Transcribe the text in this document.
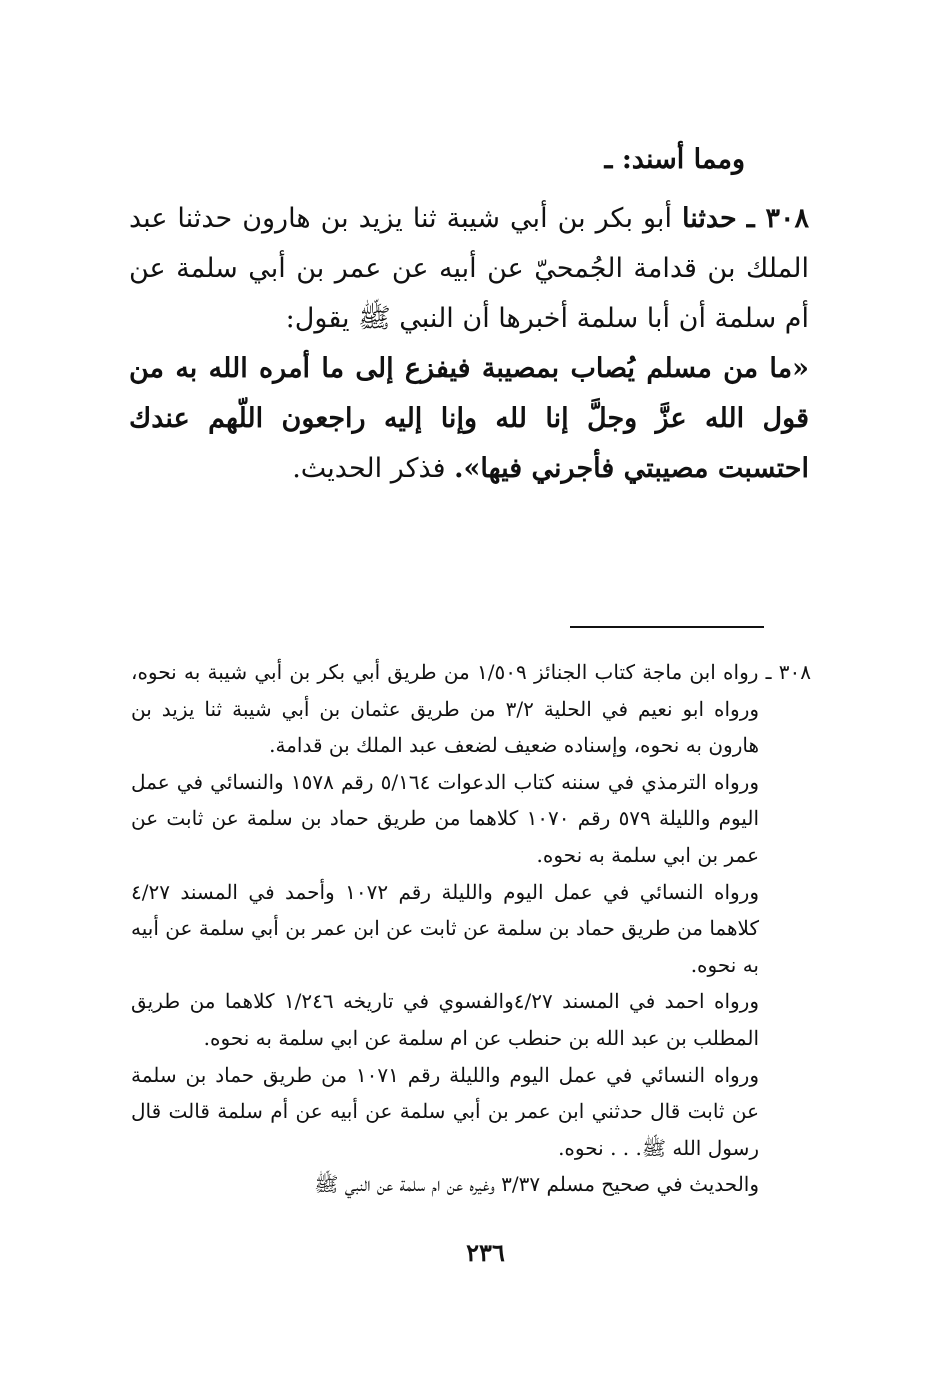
ومما أسند: ـ

٣٠٨ ـ حدثنا أبو بكر بن أبي شيبة ثنا يزيد بن هارون حدثنا عبد الملك بن قدامة الجُمحيّ عن أبيه عن عمر بن أبي سلمة عن أم سلمة أن أبا سلمة أخبرها أن النبي ﷺ يقول:

«ما من مسلم يُصاب بمصيبة فيفزع إلى ما أمره الله به من قول الله عزَّ وجلَّ إنا لله وإنا إليه راجعون اللّهم عندك احتسبت مصيبتي فأجرني فيها». فذكر الحديث.

٣٠٨ ـ رواه ابن ماجة كتاب الجنائز ١/٥٠٩ من طريق أبي بكر بن أبي شيبة به نحوه، ورواه ابو نعيم في الحلية ٣/٢ من طريق عثمان بن أبي شيبة ثنا يزيد بن هارون به نحوه، وإسناده ضعيف لضعف عبد الملك بن قدامة.

ورواه الترمذي في سننه كتاب الدعوات ٥/١٦٤ رقم ١٥٧٨ والنسائي في عمل اليوم والليلة ٥٧٩ رقم ١٠٧٠ كلاهما من طريق حماد بن سلمة عن ثابت عن عمر بن ابي سلمة به نحوه.

ورواه النسائي في عمل اليوم والليلة رقم ١٠٧٢ وأحمد في المسند ٤/٢٧ كلاهما من طريق حماد بن سلمة عن ثابت عن ابن عمر بن أبي سلمة عن أبيه به نحوه.

ورواه احمد في المسند ٤/٢٧والفسوي في تاريخه ١/٢٤٦ كلاهما من طريق المطلب بن عبد الله بن حنطب عن ام سلمة عن ابي سلمة به نحوه.

ورواه النسائي في عمل اليوم والليلة رقم ١٠٧١ من طريق حماد بن سلمة عن ثابت قال حدثني ابن عمر بن أبي سلمة عن أبيه عن أم سلمة قالت قال رسول الله ﷺ. . . نحوه.

والحديث في صحيح مسلم ٣/٣٧ وغيره عن ام سلمة عن النبي ﷺ

٢٣٦
